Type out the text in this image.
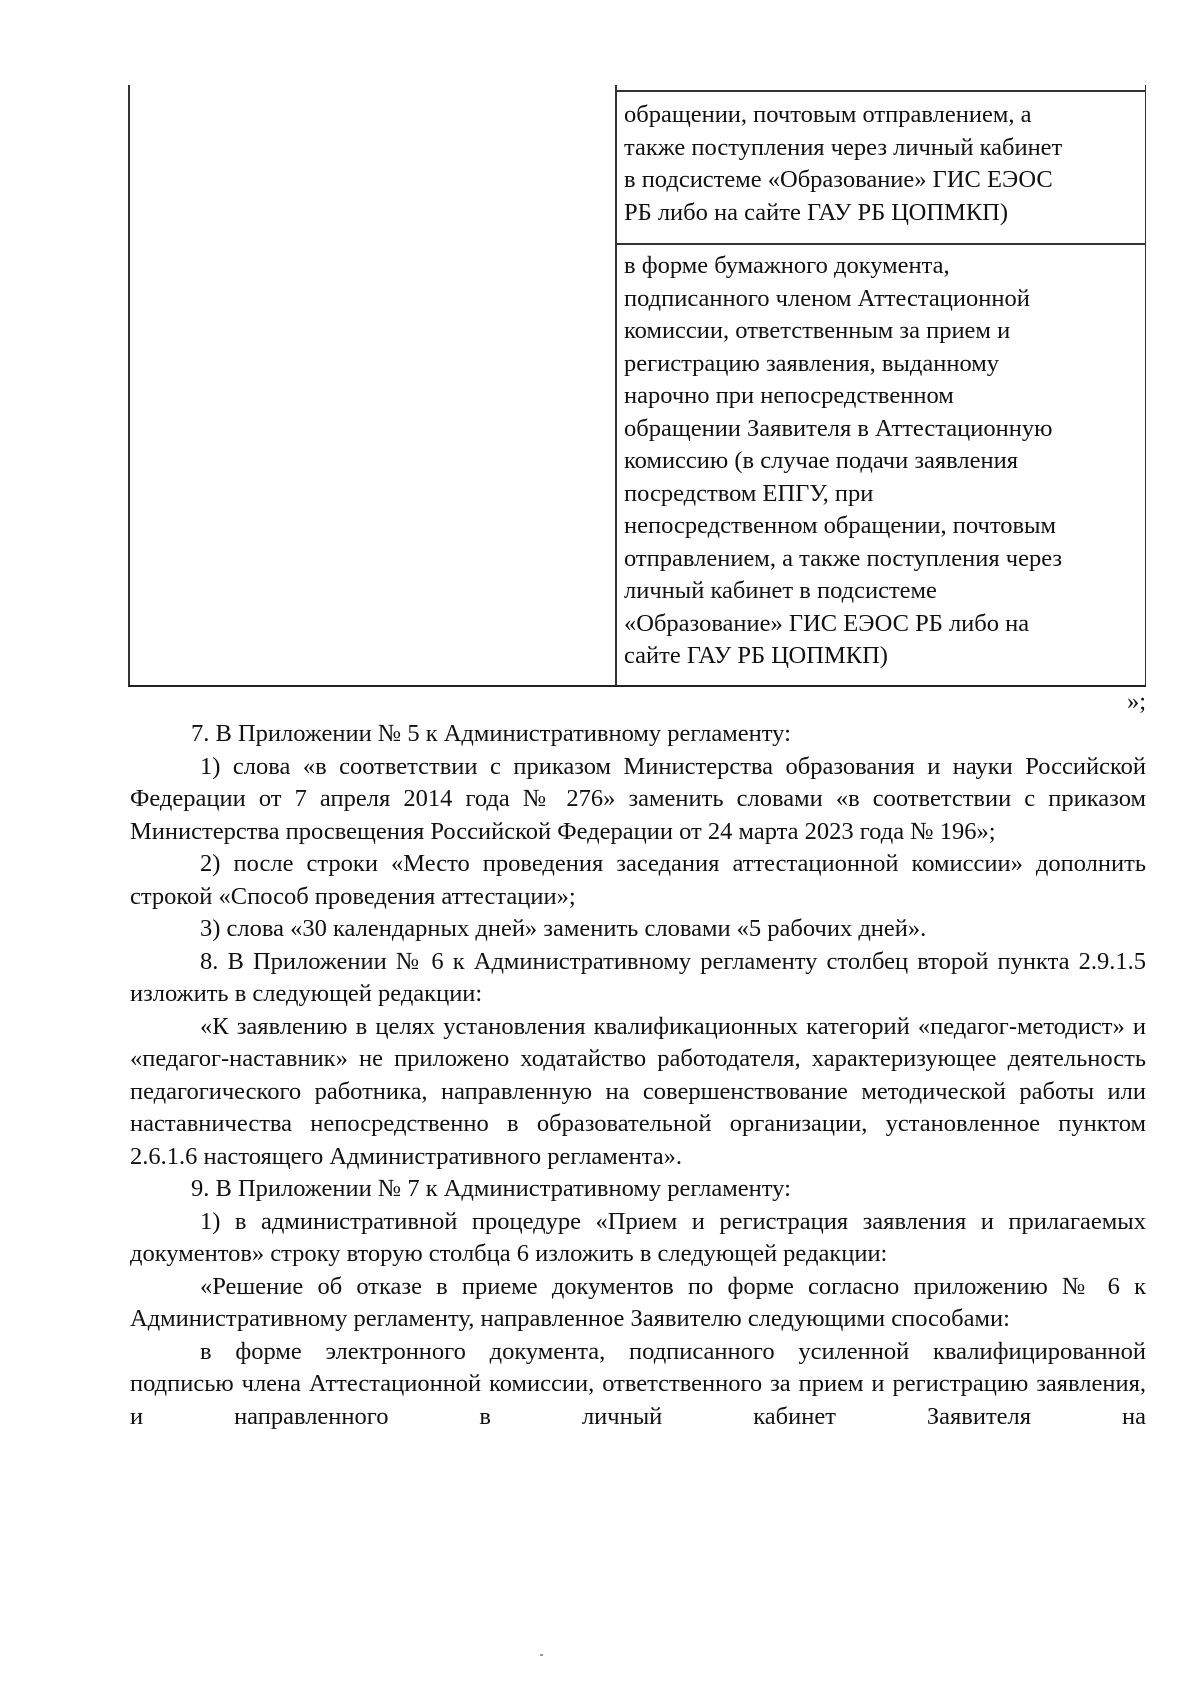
обращении, почтовым отправлением, а
также поступления через личный кабинет
в подсистеме «Образование» ГИС ЕЭОС
РБ либо на сайте ГАУ РБ ЦОПМКП)
в форме бумажного документа,
подписанного членом Аттестационной
комиссии, ответственным за прием и
регистрацию заявления, выданному
нарочно при непосредственном
обращении Заявителя в Аттестационную
комиссию (в случае подачи заявления
посредством ЕПГУ, при
непосредственном обращении, почтовым
отправлением, а также поступления через
личный кабинет в подсистеме
«Образование» ГИС ЕЭОС РБ либо на
сайте ГАУ РБ ЦОПМКП)
»;

7. В Приложении № 5 к Административному регламенту:

1) слова «в соответствии с приказом Министерства образования и науки Российской Федерации от 7 апреля 2014 года № 276» заменить словами «в соответствии с приказом Министерства просвещения Российской Федерации от 24 марта 2023 года № 196»;

2) после строки «Место проведения заседания аттестационной комиссии» дополнить строкой «Способ проведения аттестации»;

3) слова «30 календарных дней» заменить словами «5 рабочих дней».

8. В Приложении № 6 к Административному регламенту столбец второй пункта 2.9.1.5 изложить в следующей редакции:

«К заявлению в целях установления квалификационных категорий «педагог-методист» и «педагог-наставник» не приложено ходатайство работодателя, характеризующее деятельность педагогического работника, направленную на совершенствование методической работы или наставничества непосредственно в образовательной организации, установленное пунктом 2.6.1.6 настоящего Административного регламента».

9. В Приложении № 7 к Административному регламенту:

1) в административной процедуре «Прием и регистрация заявления и прилагаемых документов» строку вторую столбца 6 изложить в следующей редакции:

«Решение об отказе в приеме документов по форме согласно приложению № 6 к Административному регламенту, направленное Заявителю следующими способами:

в форме электронного документа, подписанного усиленной квалифицированной подписью члена Аттестационной комиссии, ответственного за прием и регистрацию заявления, и направленного в личный кабинет Заявителя на
